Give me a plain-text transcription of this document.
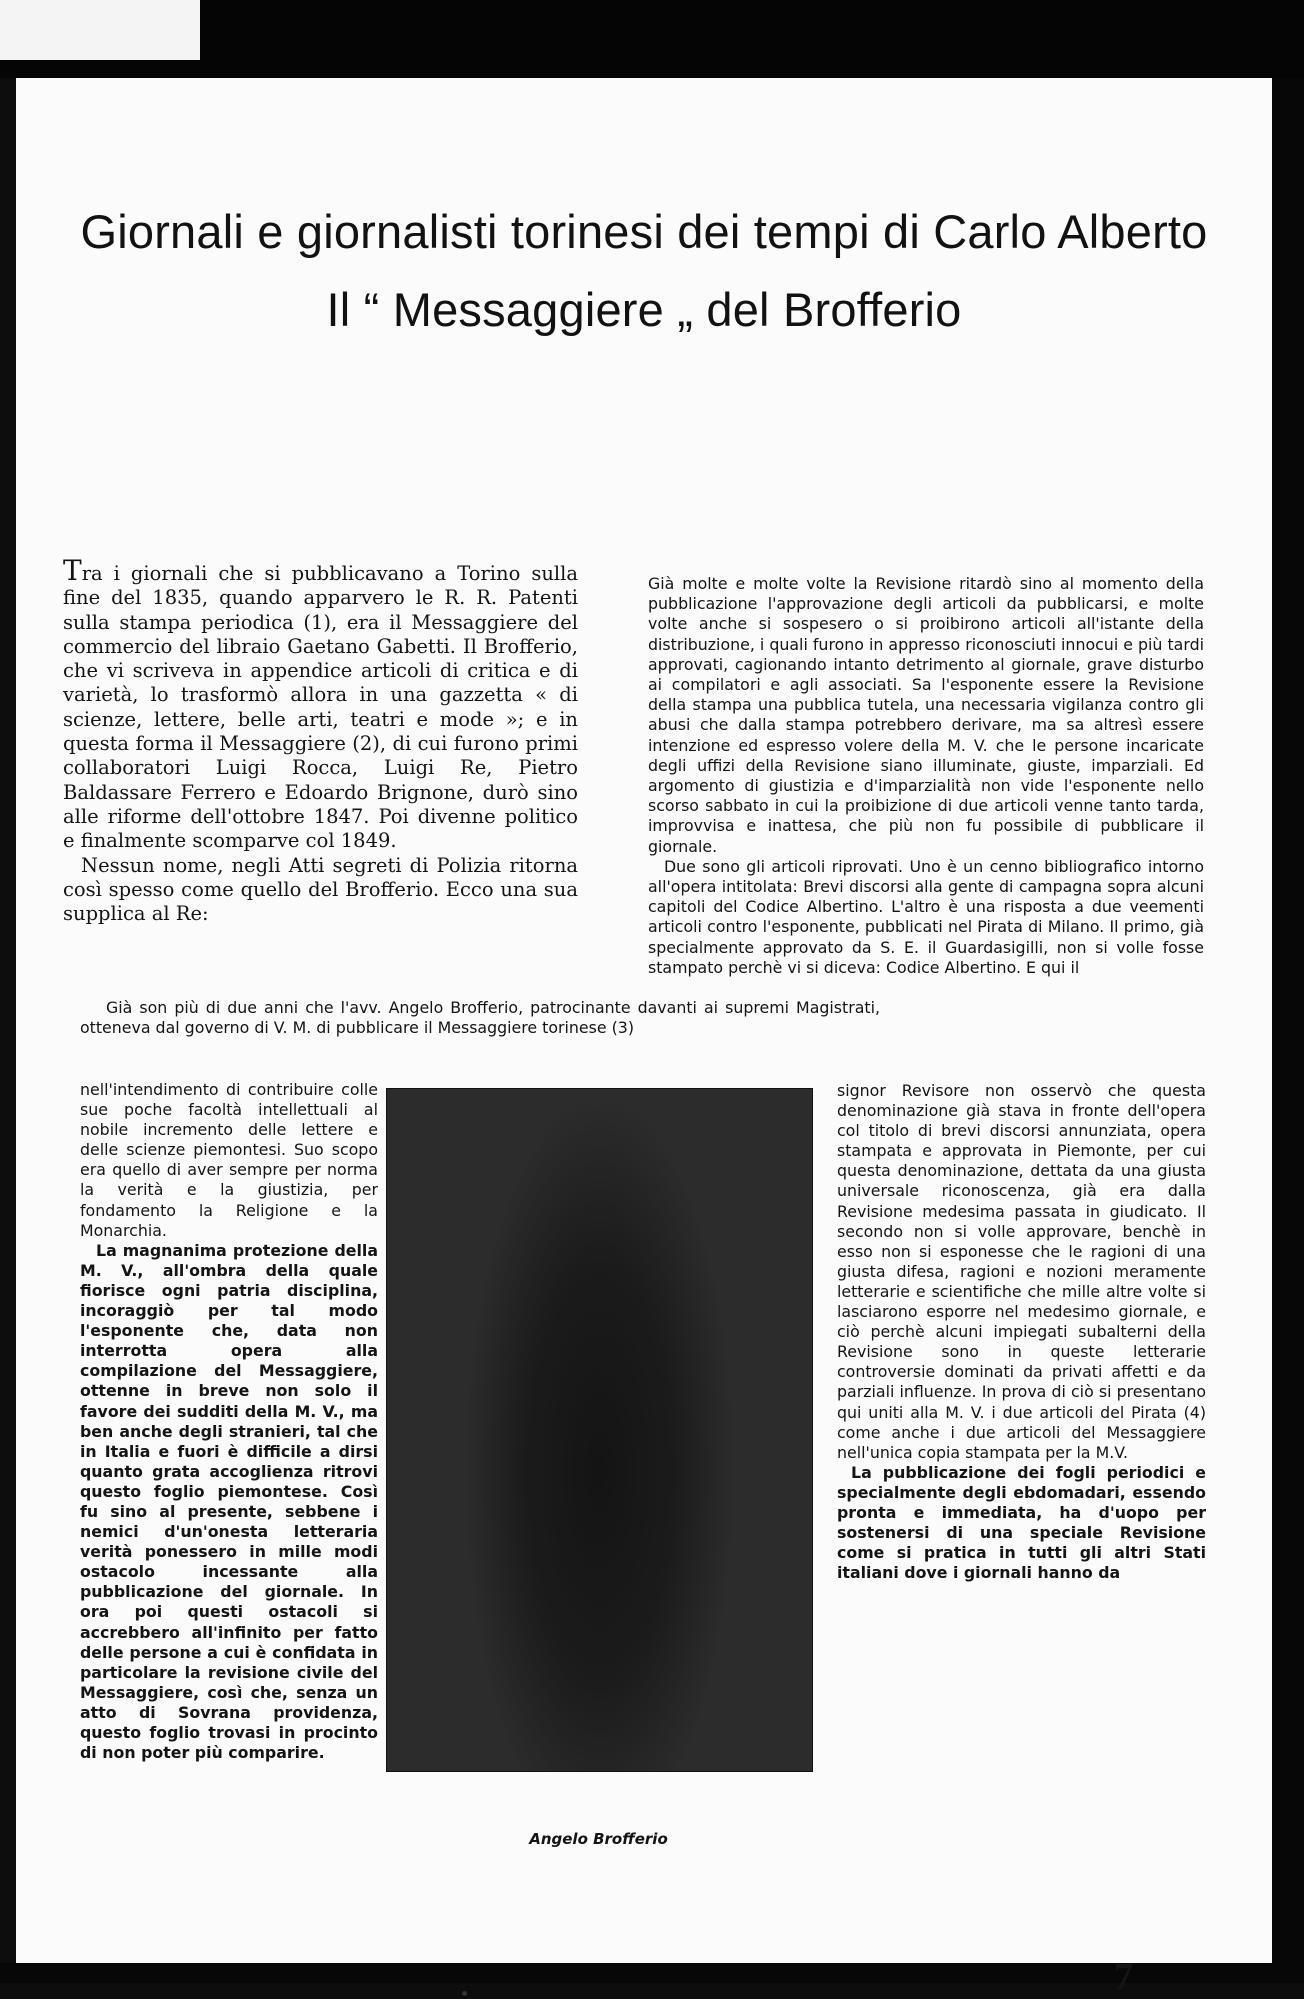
Giornali e giornalisti torinesi dei tempi di Carlo Alberto
Il “ Messaggiere „ del Brofferio

Tra i giornali che si pubblicavano a Torino sulla fine del 1835, quando apparvero le R. R. Patenti sulla stampa periodica (1), era il Messaggiere del commercio del libraio Gaetano Gabetti. Il Brofferio, che vi scriveva in appendice articoli di critica e di varietà, lo trasformò allora in una gazzetta « di scienze, lettere, belle arti, teatri e mode »; e in questa forma il Messaggiere (2), di cui furono primi collaboratori Luigi Rocca, Luigi Re, Pietro Baldassare Ferrero e Edoardo Brignone, durò sino alle riforme dell'ottobre 1847. Poi divenne politico e finalmente scomparve col 1849.

Nessun nome, negli Atti segreti di Polizia ritorna così spesso come quello del Brofferio. Ecco una sua supplica al Re:

Già molte e molte volte la Revisione ritardò sino al momento della pubblicazione l'approvazione degli articoli da pubblicarsi, e molte volte anche si sospesero o si proibirono articoli all'istante della distribuzione, i quali furono in appresso riconosciuti innocui e più tardi approvati, cagionando intanto detrimento al giornale, grave disturbo ai compilatori e agli associati. Sa l'esponente essere la Revisione della stampa una pubblica tutela, una necessaria vigilanza contro gli abusi che dalla stampa potrebbero derivare, ma sa altresì essere intenzione ed espresso volere della M. V. che le persone incaricate degli uffizi della Revisione siano illuminate, giuste, imparziali. Ed argomento di giustizia e d'imparzialità non vide l'esponente nello scorso sabbato in cui la proibizione di due articoli venne tanto tarda, improvvisa e inattesa, che più non fu possibile di pubblicare il giornale.

Due sono gli articoli riprovati. Uno è un cenno bibliografico intorno all'opera intitolata: Brevi discorsi alla gente di campagna sopra alcuni capitoli del Codice Albertino. L'altro è una risposta a due veementi articoli contro l'esponente, pubblicati nel Pirata di Milano. Il primo, già specialmente approvato da S. E. il Guardasigilli, non si volle fosse stampato perchè vi si diceva: Codice Albertino. E qui il

Già son più di due anni che l'avv. Angelo Brofferio, patrocinante davanti ai supremi Magistrati, otteneva dal governo di V. M. di pubblicare il Messaggiere torinese (3)

nell'intendimento di contribuire colle sue poche facoltà intellettuali al nobile incremento delle lettere e delle scienze piemontesi. Suo scopo era quello di aver sempre per norma la verità e la giustizia, per fondamento la Religione e la Monarchia.

La magnanima protezione della M. V., all'ombra della quale fiorisce ogni patria disciplina, incoraggiò per tal modo l'esponente che, data non interrotta opera alla compilazione del Messaggiere, ottenne in breve non solo il favore dei sudditi della M. V., ma ben anche degli stranieri, tal che in Italia e fuori è difficile a dirsi quanto grata accoglienza ritrovi questo foglio piemontese. Così fu sino al presente, sebbene i nemici d'un'onesta letteraria verità ponessero in mille modi ostacolo incessante alla pubblicazione del giornale. In ora poi questi ostacoli si accrebbero all'infinito per fatto delle persone a cui è confidata in particolare la revisione civile del Messaggiere, così che, senza un atto di Sovrana providenza, questo foglio trovasi in procinto di non poter più comparire.

Angelo Brofferio

signor Revisore non osservò che questa denominazione già stava in fronte dell'opera col titolo di brevi discorsi annunziata, opera stampata e approvata in Piemonte, per cui questa denominazione, dettata da una giusta universale riconoscenza, già era dalla Revisione medesima passata in giudicato. Il secondo non si volle approvare, benchè in esso non si esponesse che le ragioni di una giusta difesa, ragioni e nozioni meramente letterarie e scientifiche che mille altre volte si lasciarono esporre nel medesimo giornale, e ciò perchè alcuni impiegati subalterni della Revisione sono in queste letterarie controversie dominati da privati affetti e da parziali influenze. In prova di ciò si presentano qui uniti alla M. V. i due articoli del Pirata (4) come anche i due articoli del Messaggiere nell'unica copia stampata per la M.V.

La pubblicazione dei fogli periodici e specialmente degli ebdomadari, essendo pronta e immediata, ha d'uopo per sostenersi di una speciale Revisione come si pratica in tutti gli altri Stati italiani dove i giornali hanno da

7
